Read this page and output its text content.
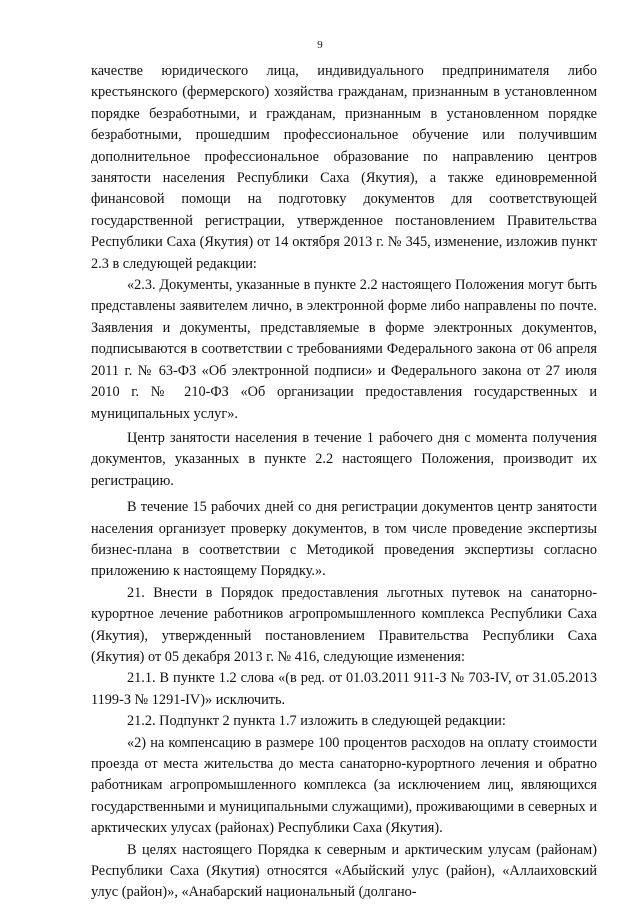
9

качестве юридического лица, индивидуального предпринимателя либо крестьянского (фермерского) хозяйства гражданам, признанным в установленном порядке безработными, и гражданам, признанным в установленном порядке безработными, прошедшим профессиональное обучение или получившим дополнительное профессиональное образование по направлению центров занятости населения Республики Саха (Якутия), а также единовременной финансовой помощи на подготовку документов для соответствующей государственной регистрации, утвержденное постановлением Правительства Республики Саха (Якутия) от 14 октября 2013 г. № 345, изменение, изложив пункт 2.3 в следующей редакции:

«2.3. Документы, указанные в пункте 2.2 настоящего Положения могут быть представлены заявителем лично, в электронной форме либо направлены по почте. Заявления и документы, представляемые в форме электронных документов, подписываются в соответствии с требованиями Федерального закона от 06 апреля 2011 г. № 63-ФЗ «Об электронной подписи» и Федерального закона от 27 июля 2010 г. № 210-ФЗ «Об организации предоставления государственных и муниципальных услуг».

Центр занятости населения в течение 1 рабочего дня с момента получения документов, указанных в пункте 2.2 настоящего Положения, производит их регистрацию.

В течение 15 рабочих дней со дня регистрации документов центр занятости населения организует проверку документов, в том числе проведение экспертизы бизнес-плана в соответствии с Методикой проведения экспертизы согласно приложению к настоящему Порядку.».

21. Внести в Порядок предоставления льготных путевок на санаторно-курортное лечение работников агропромышленного комплекса Республики Саха (Якутия), утвержденный постановлением Правительства Республики Саха (Якутия) от 05 декабря 2013 г. № 416, следующие изменения:

21.1. В пункте 1.2 слова «(в ред. от 01.03.2011 911-З № 703-IV, от 31.05.2013 1199-З № 1291-IV)» исключить.

21.2. Подпункт 2 пункта 1.7 изложить в следующей редакции:

«2) на компенсацию в размере 100 процентов расходов на оплату стоимости проезда от места жительства до места санаторно-курортного лечения и обратно работникам агропромышленного комплекса (за исключением лиц, являющихся государственными и муниципальными служащими), проживающими в северных и арктических улусах (районах) Республики Саха (Якутия).

В целях настоящего Порядка к северным и арктическим улусам (районам) Республики Саха (Якутия) относятся «Абыйский улус (район), «Аллаиховский улус (район)», «Анабарский национальный (долгано-
